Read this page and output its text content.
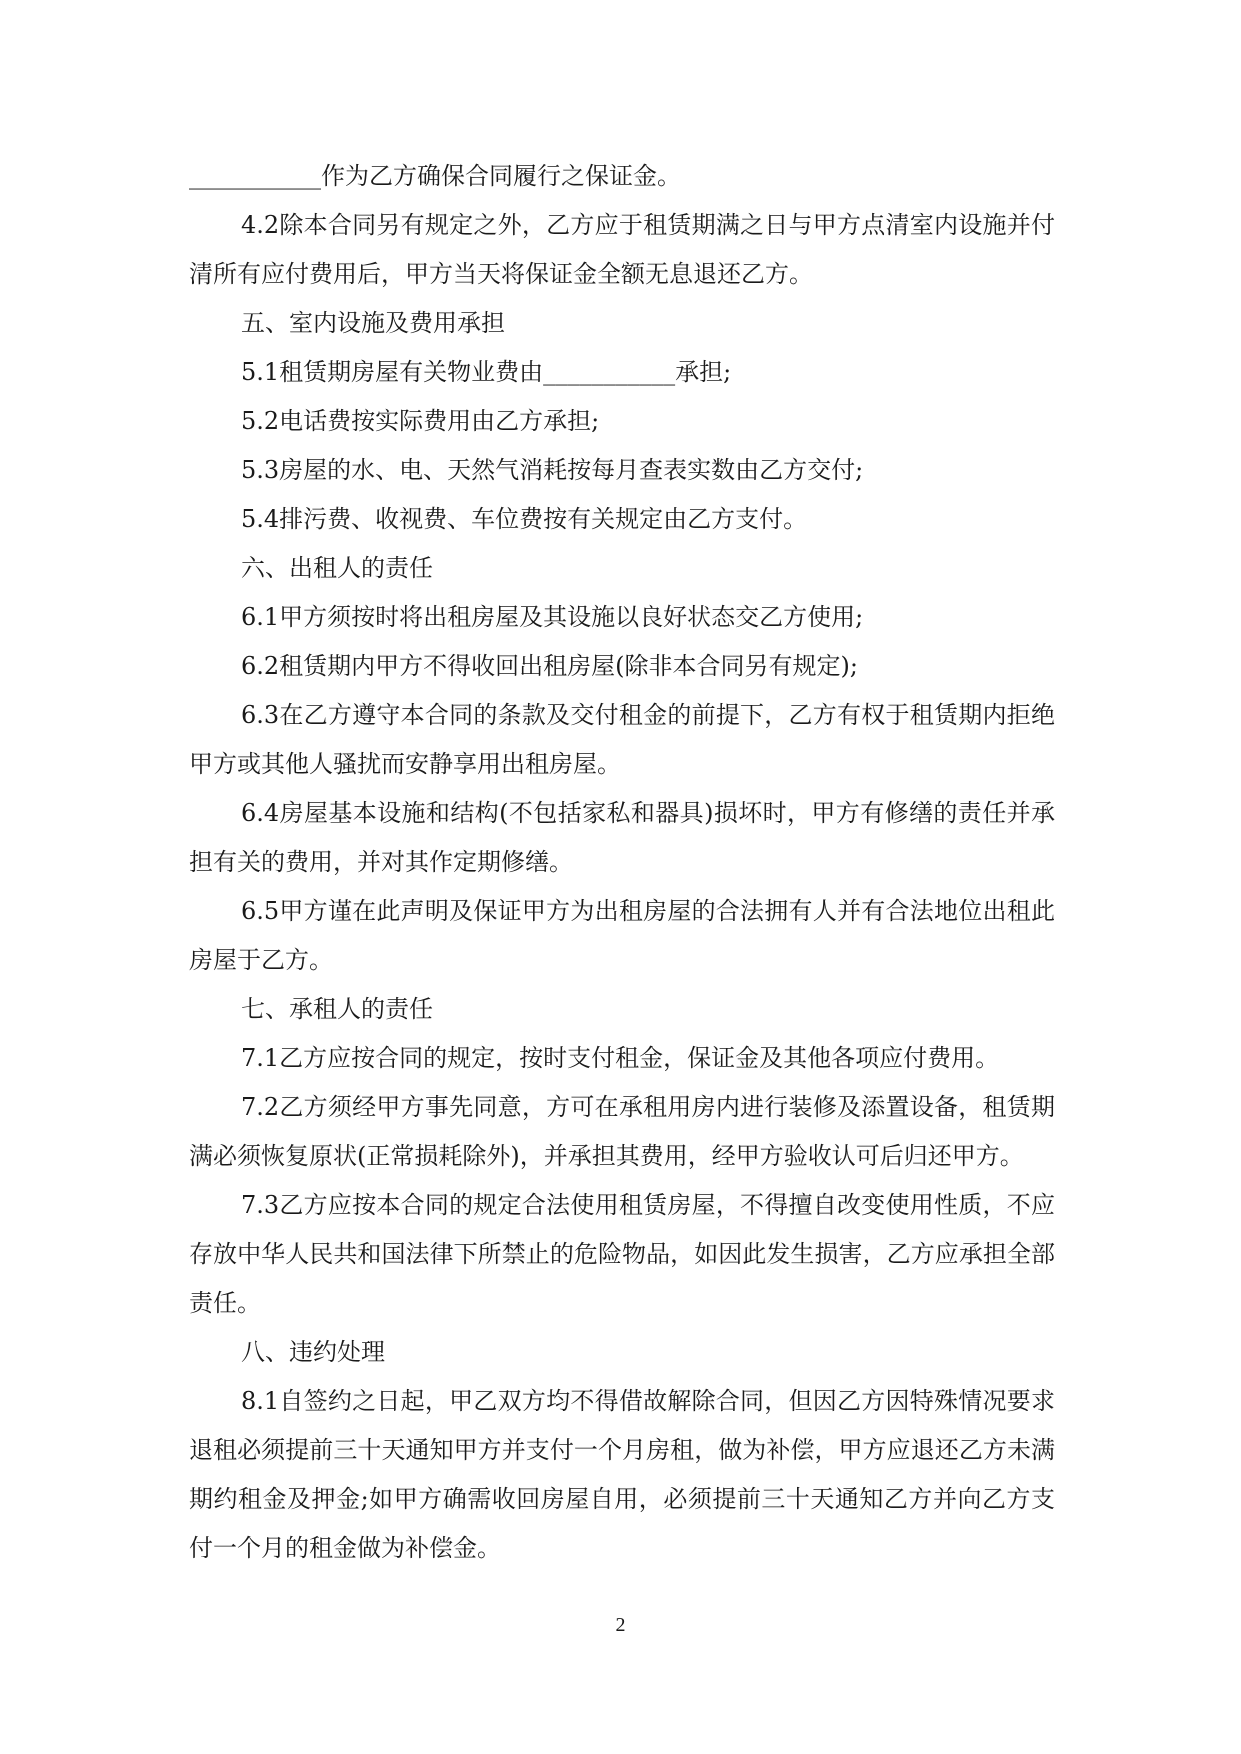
___________作为乙方确保合同履行之保证金。

4.2除本合同另有规定之外，乙方应于租赁期满之日与甲方点清室内设施并付清所有应付费用后，甲方当天将保证金全额无息退还乙方。

五、室内设施及费用承担

5.1租赁期房屋有关物业费由___________承担;

5.2电话费按实际费用由乙方承担;

5.3房屋的水、电、天然气消耗按每月查表实数由乙方交付;

5.4排污费、收视费、车位费按有关规定由乙方支付。

六、出租人的责任

6.1甲方须按时将出租房屋及其设施以良好状态交乙方使用;

6.2租赁期内甲方不得收回出租房屋(除非本合同另有规定);

6.3在乙方遵守本合同的条款及交付租金的前提下，乙方有权于租赁期内拒绝甲方或其他人骚扰而安静享用出租房屋。

6.4房屋基本设施和结构(不包括家私和器具)损坏时，甲方有修缮的责任并承担有关的费用，并对其作定期修缮。

6.5甲方谨在此声明及保证甲方为出租房屋的合法拥有人并有合法地位出租此房屋于乙方。

七、承租人的责任

7.1乙方应按合同的规定，按时支付租金，保证金及其他各项应付费用。

7.2乙方须经甲方事先同意，方可在承租用房内进行装修及添置设备，租赁期满必须恢复原状(正常损耗除外)，并承担其费用，经甲方验收认可后归还甲方。

7.3乙方应按本合同的规定合法使用租赁房屋，不得擅自改变使用性质，不应存放中华人民共和国法律下所禁止的危险物品，如因此发生损害，乙方应承担全部责任。

八、违约处理

8.1自签约之日起，甲乙双方均不得借故解除合同，但因乙方因特殊情况要求退租必须提前三十天通知甲方并支付一个月房租，做为补偿，甲方应退还乙方未满期约租金及押金;如甲方确需收回房屋自用，必须提前三十天通知乙方并向乙方支付一个月的租金做为补偿金。

2
